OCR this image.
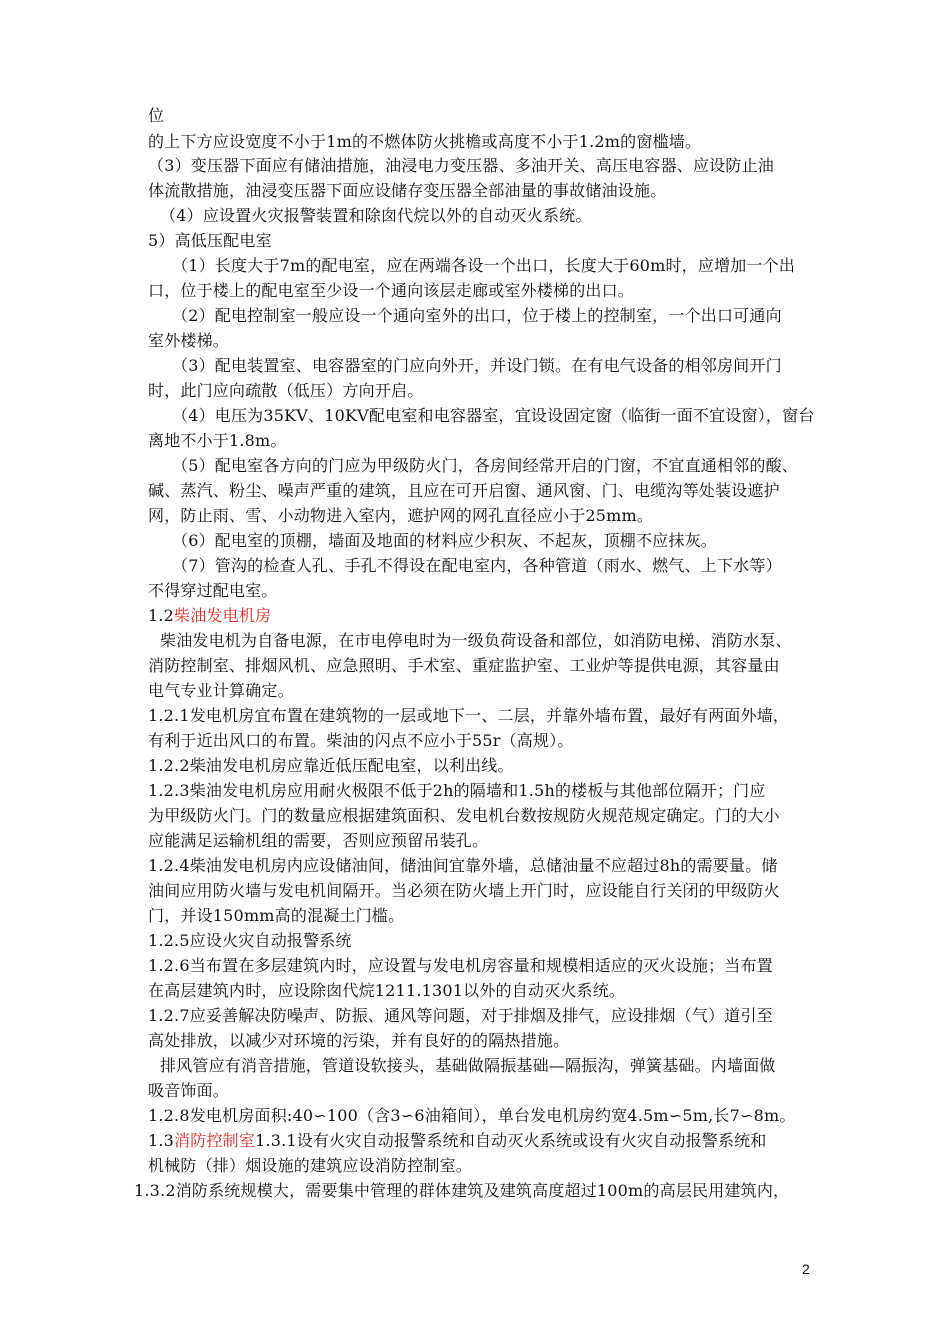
位
的上下方应设宽度不小于1m的不燃体防火挑檐或高度不小于1.2m的窗槛墙。
（3）变压器下面应有储油措施，油浸电力变压器、多油开关、高压电容器、应设防止油
体流散措施，油浸变压器下面应设储存变压器全部油量的事故储油设施。
（4）应设置火灾报警装置和除囱代烷以外的自动灭火系统。
5）高低压配电室
（1）长度大于7m的配电室，应在两端各设一个出口，长度大于60m时，应增加一个出
口，位于楼上的配电室至少设一个通向该层走廊或室外楼梯的出口。
（2）配电控制室一般应设一个通向室外的出口，位于楼上的控制室，一个出口可通向
室外楼梯。
（3）配电装置室、电容器室的门应向外开，并设门锁。在有电气设备的相邻房间开门
时，此门应向疏散（低压）方向开启。
（4）电压为35KV、10KV配电室和电容器室，宜设设固定窗（临街一面不宜设窗），窗台
离地不小于1.8m。
（5）配电室各方向的门应为甲级防火门，各房间经常开启的门窗，不宜直通相邻的酸、
碱、蒸汽、粉尘、噪声严重的建筑，且应在可开启窗、通风窗、门、电缆沟等处装设遮护
网，防止雨、雪、小动物进入室内，遮护网的网孔直径应小于25mm。
（6）配电室的顶棚，墙面及地面的材料应少积灰、不起灰，顶棚不应抹灰。
（7）管沟的检查人孔、手孔不得设在配电室内，各种管道（雨水、燃气、上下水等）
不得穿过配电室。
1.2柴油发电机房
柴油发电机为自备电源，在市电停电时为一级负荷设备和部位，如消防电梯、消防水泵、
消防控制室、排烟风机、应急照明、手术室、重症监护室、工业炉等提供电源，其容量由
电气专业计算确定。
1.2.1发电机房宜布置在建筑物的一层或地下一、二层，并靠外墙布置，最好有两面外墙，
有利于近出风口的布置。柴油的闪点不应小于55r（高规）。
1.2.2柴油发电机房应靠近低压配电室，以利出线。
1.2.3柴油发电机房应用耐火极限不低于2h的隔墙和1.5h的楼板与其他部位隔开；门应
为甲级防火门。门的数量应根据建筑面积、发电机台数按规防火规范规定确定。门的大小
应能满足运输机组的需要，否则应预留吊装孔。
1.2.4柴油发电机房内应设储油间，储油间宜靠外墙，总储油量不应超过8h的需要量。储
油间应用防火墙与发电机间隔开。当必须在防火墙上开门时，应设能自行关闭的甲级防火
门，并设150mm高的混凝土门槛。
1.2.5应设火灾自动报警系统
1.2.6当布置在多层建筑内时，应设置与发电机房容量和规模相适应的灭火设施；当布置
在高层建筑内时，应设除囱代烷1211.1301以外的自动灭火系统。
1.2.7应妥善解决防噪声、防振、通风等问题，对于排烟及排气，应设排烟（气）道引至
高处排放，以减少对环境的污染，并有良好的的隔热措施。
排风管应有消音措施，管道设软接头，基础做隔振基础—隔振沟，弹簧基础。内墙面做
吸音饰面。
1.2.8发电机房面积:40∽100（含3∽6油箱间），单台发电机房约宽4.5m∽5m,长7∽8m。
1.3消防控制室1.3.1设有火灾自动报警系统和自动灭火系统或设有火灾自动报警系统和
机械防（排）烟设施的建筑应设消防控制室。
1.3.2消防系统规模大，需要集中管理的群体建筑及建筑高度超过100m的高层民用建筑内，
2
